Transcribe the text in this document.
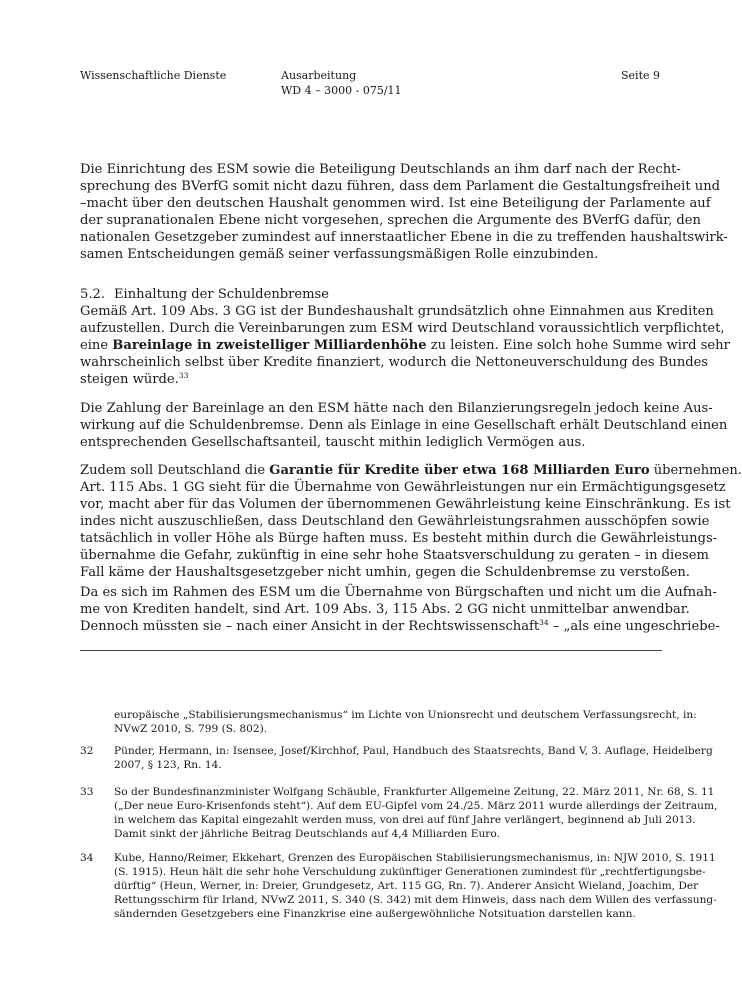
Wissenschaftliche Dienste	Ausarbeitung
WD 4 – 3000 - 075/11
Seite 9
Die Einrichtung des ESM sowie die Beteiligung Deutschlands an ihm darf nach der Recht-
sprechung des BVerfG somit nicht dazu führen, dass dem Parlament die Gestaltungsfreiheit und
–macht über den deutschen Haushalt genommen wird. Ist eine Beteiligung der Parlamente auf
der supranationalen Ebene nicht vorgesehen, sprechen die Argumente des BVerfG dafür, den
nationalen Gesetzgeber zumindest auf innerstaatlicher Ebene in die zu treffenden haushaltswirk-
samen Entscheidungen gemäß seiner verfassungsmäßigen Rolle einzubinden.
5.2. Einhaltung der Schuldenbremse
Gemäß Art. 109 Abs. 3 GG ist der Bundeshaushalt grundsätzlich ohne Einnahmen aus Krediten
aufzustellen. Durch die Vereinbarungen zum ESM wird Deutschland voraussichtlich verpflichtet,
eine Bareinlage in zweistelliger Milliardenhöhe zu leisten. Eine solch hohe Summe wird sehr
wahrscheinlich selbst über Kredite finanziert, wodurch die Nettoneuverschuldung des Bundes
steigen würde.$^{33}$
Die Zahlung der Bareinlage an den ESM hätte nach den Bilanzierungsregeln jedoch keine Aus-
wirkung auf die Schuldenbremse. Denn als Einlage in eine Gesellschaft erhält Deutschland einen
entsprechenden Gesellschaftsanteil, tauscht mithin lediglich Vermögen aus.
Zudem soll Deutschland die Garantie für Kredite über etwa 168 Milliarden Euro übernehmen.
Art. 115 Abs. 1 GG sieht für die Übernahme von Gewährleistungen nur ein Ermächtigungsgesetz
vor, macht aber für das Volumen der übernommenen Gewährleistung keine Einschränkung. Es ist
indes nicht auszuschließen, dass Deutschland den Gewährleistungsrahmen ausschöpfen sowie
tatsächlich in voller Höhe als Bürge haften muss. Es besteht mithin durch die Gewährleistungs-
übernahme die Gefahr, zukünftig in eine sehr hohe Staatsverschuldung zu geraten – in diesem
Fall käme der Haushaltsgesetzgeber nicht umhin, gegen die Schuldenbremse zu verstoßen.
Da es sich im Rahmen des ESM um die Übernahme von Bürgschaften und nicht um die Aufnah-
me von Krediten handelt, sind Art. 109 Abs. 3, 115 Abs. 2 GG nicht unmittelbar anwendbar.
Dennoch müssten sie – nach einer Ansicht in der Rechtswissenschaft$^{34}$ – „als eine ungeschriebe-
europäische „Stabilisierungsmechanismus“ im Lichte von Unionsrecht und deutschem Verfassungsrecht, in:
NVwZ 2010, S. 799 (S. 802).
32 Pünder, Hermann, in: Isensee, Josef/Kirchhof, Paul, Handbuch des Staatsrechts, Band V, 3. Auflage, Heidelberg
2007, § 123, Rn. 14.
33 So der Bundesfinanzminister Wolfgang Schäuble, Frankfurter Allgemeine Zeitung, 22. März 2011, Nr. 68, S. 11
(„Der neue Euro-Krisenfonds steht“). Auf dem EU-Gipfel vom 24./25. März 2011 wurde allerdings der Zeitraum,
in welchem das Kapital eingezahlt werden muss, von drei auf fünf Jahre verlängert, beginnend ab Juli 2013.
Damit sinkt der jährliche Beitrag Deutschlands auf 4,4 Milliarden Euro.
34 Kube, Hanno/Reimer, Ekkehart, Grenzen des Europäischen Stabilisierungsmechanismus, in: NJW 2010, S. 1911
(S. 1915). Heun hält die sehr hohe Verschuldung zukünftiger Generationen zumindest für „rechtfertigungsbe-
dürftig“ (Heun, Werner, in: Dreier, Grundgesetz, Art. 115 GG, Rn. 7). Anderer Ansicht Wieland, Joachim, Der
Rettungsschirm für Irland, NVwZ 2011, S. 340 (S. 342) mit dem Hinweis, dass nach dem Willen des verfassung-
sändernden Gesetzgebers eine Finanzkrise eine außergewöhnliche Notsituation darstellen kann.
